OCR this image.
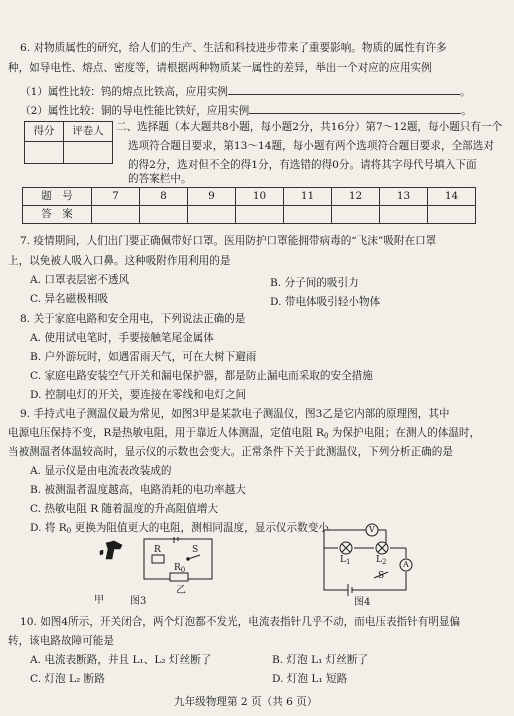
6. 对物质属性的研究，给人们的生产、生活和科技进步带来了重要影响。物质的属性有许多
种，如导电性、熔点、密度等，请根据两种物质某一属性的差异，举出一个对应的应用实例
（1）属性比较：钨的熔点比铁高，应用实例	。
（2）属性比较：铜的导电性能比铁好，应用实例	。
得分	评卷人
	二、选择题（本大题共8小题，每小题2分，共16分）第7～12题，每小题只有一个
选项符合题目要求，第13～14题，每小题有两个选项符合题目要求，全部选对
的得2分，选对但不全的得1分，有选错的得0分。请将其字母代号填入下面
的答案栏中。
题　号	7	8	9	10	11	12	13	14
答　案								
7. 疫情期间，人们出门要正确佩带好口罩。医用防护口罩能拥带病毒的“飞沫”吸附在口罩
上，以免被人吸入口鼻。这种吸附作用利用的是
A. 口罩表层密不透风	B. 分子间的吸引力
C. 异名磁极相吸	D. 带电体吸引轻小物体
8. 关于家庭电路和安全用电，下列说法正确的是
A. 使用试电笔时，手要接触笔尾金属体
B. 户外游玩时，如遇雷雨天气，可在大树下避雨
C. 家庭电路安装空气开关和漏电保护器，都是防止漏电而采取的安全措施
D. 控制电灯的开关，要连接在零线和电灯之间
9. 手持式电子测温仪最为常见，如图3甲是某款电子测温仪，图3乙是它内部的原理图，其中
电源电压保持不变，R是热敏电阻，用于靠近人体测温，定值电阻 $R_0$ 为保护电阻；在测人的体温时，
当被测温者体温较高时，显示仪的示数也会变大。正常条件下关于此测温仪，下列分析正确的是
A. 显示仪是由电流表改装成的
B. 被测温者温度越高，电路消耗的电功率越大
C. 热敏电阻 R 随着温度的升高阻值增大
D. 将 $R_0$ 更换为阻值更大的电阻，测相同温度，显示仪示数变小
R	S
$R_0$
甲
乙
图3
V
A
$L_1$	$L_2$
S
图4
10. 如图4所示，开关闭合，两个灯泡都不发光，电流表指针几乎不动，而电压表指针有明显偏
转，该电路故障可能是
A. 电流表断路，并且 L₁、L₂ 灯丝断了	B. 灯泡 L₁ 灯丝断了
C. 灯泡 L₂ 断路	D. 灯泡 L₁ 短路
九年级物理第 2 页（共 6 页）
